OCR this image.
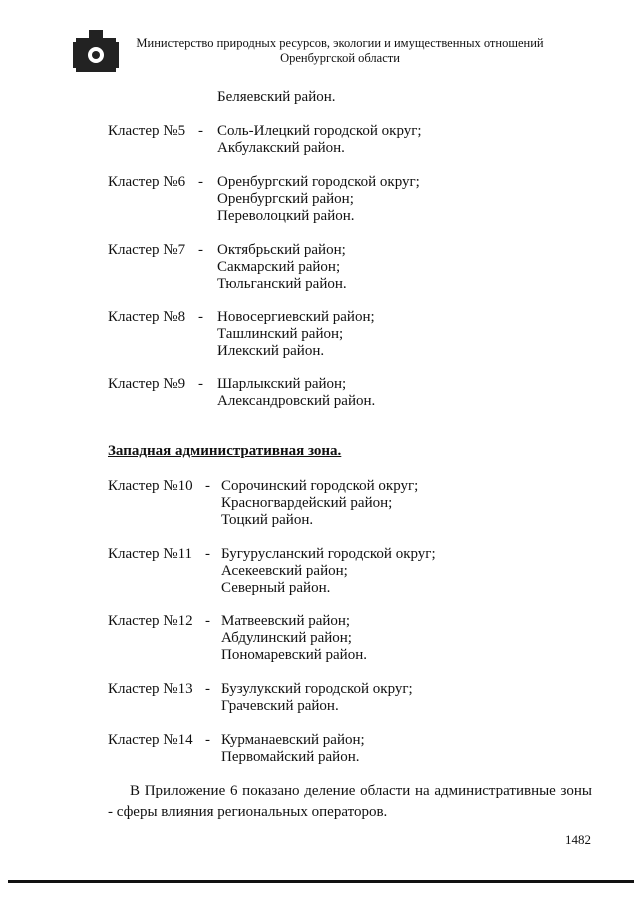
Министерство природных ресурсов, экологии и имущественных отношений
Оренбургской области
Беляевский район.
Кластер №5 - Соль-Илецкий городской округ;
Акбулакский район.
Кластер №6 - Оренбургский городской округ;
Оренбургский район;
Переволоцкий район.
Кластер №7 - Октябрьский район;
Сакмарский район;
Тюльганский район.
Кластер №8 - Новосергиевский район;
Ташлинский район;
Илекский район.
Кластер №9 - Шарлыкский район;
Александровский район.
Западная административная зона.
Кластер №10 - Сорочинский городской округ;
Красногвардейский район;
Тоцкий район.
Кластер №11 - Бугурусланский городской округ;
Асекеевский район;
Северный район.
Кластер №12 - Матвеевский район;
Абдулинский район;
Пономаревский район.
Кластер №13 - Бузулукский городской округ;
Грачевский район.
Кластер №14 - Курманаевский район;
Первомайский район.
В Приложение 6 показано деление области на административные зоны - сферы влияния региональных операторов.
1482
